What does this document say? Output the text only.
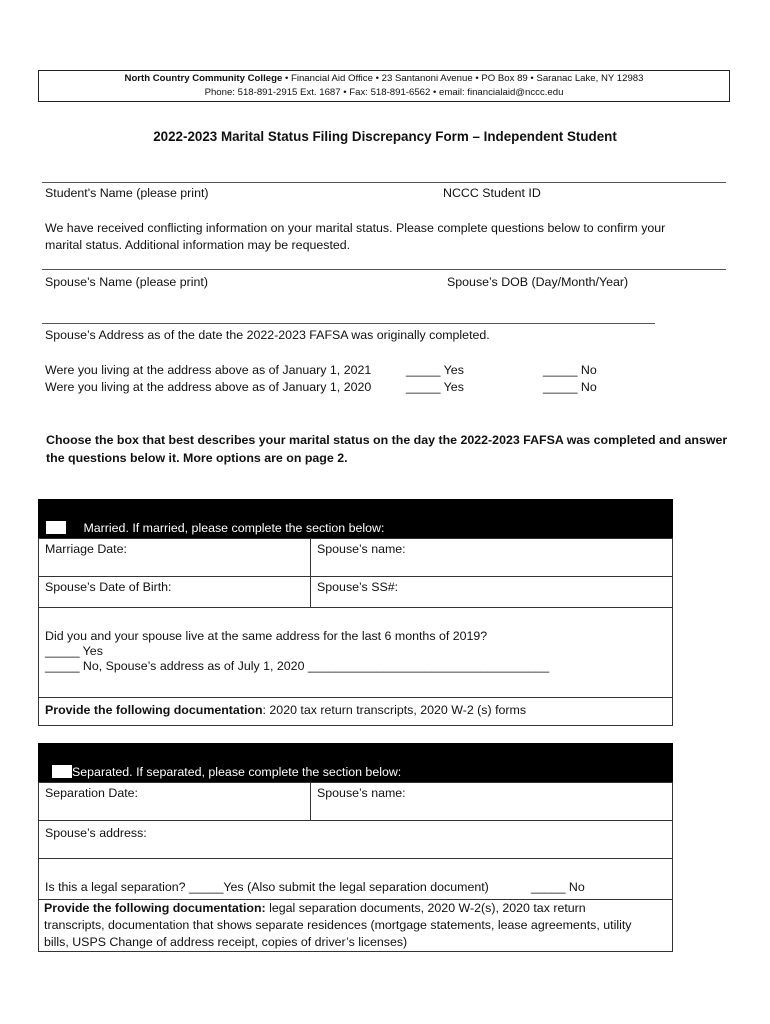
North Country Community College • Financial Aid Office • 23 Santanoni Avenue • PO Box 89 • Saranac Lake, NY 12983
Phone: 518-891-2915 Ext. 1687 • Fax: 518-891-6562 • email: financialaid@nccc.edu
2022-2023 Marital Status Filing Discrepancy Form – Independent Student
Student's Name (please print)	NCCC Student ID
We have received conflicting information on your marital status. Please complete questions below to confirm your
marital status. Additional information may be requested.
Spouse’s Name (please print)	Spouse’s DOB (Day/Month/Year)
Spouse’s Address as of the date the 2022-2023 FAFSA was originally completed.
Were you living at the address above as of January 1, 2021	_____ Yes	_____ No
Were you living at the address above as of January 1, 2020	_____ Yes	_____ No
Choose the box that best describes your marital status on the day the 2022-2023 FAFSA was completed and answer
the questions below it. More options are on page 2.
Married. If married, please complete the section below:
Marriage Date:	Spouse’s name:
Spouse’s Date of Birth:	Spouse’s SS#:
Did you and your spouse live at the same address for the last 6 months of 2019?
_____ Yes
_____ No, Spouse’s address as of July 1, 2020 ___________________________________
Provide the following documentation: 2020 tax return transcripts, 2020 W-2 (s) forms
Separated. If separated, please complete the section below:
Separation Date:	Spouse’s name:
Spouse’s address:
Is this a legal separation? _____Yes (Also submit the legal separation document)	_____ No
Provide the following documentation: legal separation documents, 2020 W-2(s), 2020 tax return
transcripts, documentation that shows separate residences (mortgage statements, lease agreements, utility
bills, USPS Change of address receipt, copies of driver’s licenses)
